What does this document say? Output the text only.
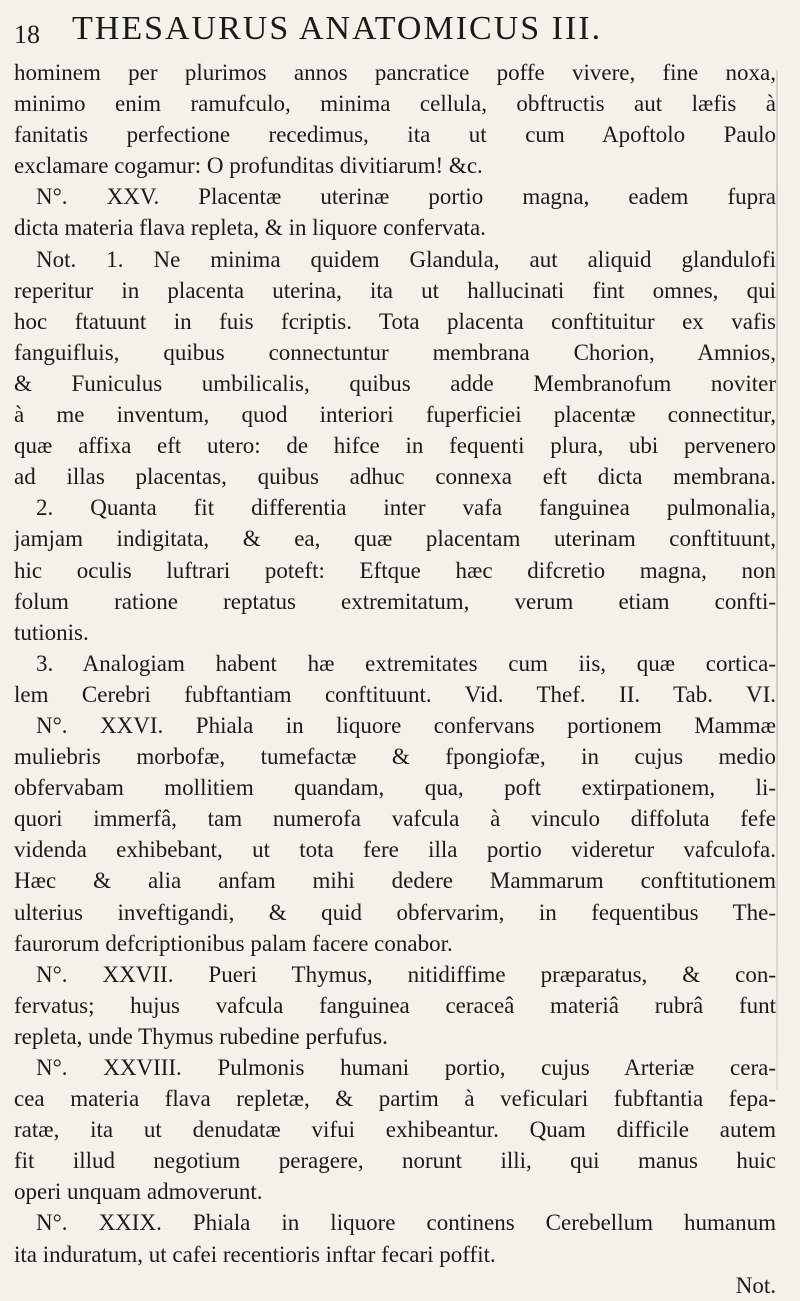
18 THESAURUS ANATOMICUS III.
hominem per plurimos annos pancratice poffe vivere, fine noxa,
minimo enim ramufculo, minima cellula, obftructis aut læfis à
fanitatis perfectione recedimus, ita ut cum Apoftolo Paulo
exclamare cogamur: O profunditas divitiarum! &c.
N°. XXV. Placentæ uterinæ portio magna, eadem fupra
dicta materia flava repleta, & in liquore confervata.
Not. 1. Ne minima quidem Glandula, aut aliquid glandulofi
reperitur in placenta uterina, ita ut hallucinati fint omnes, qui
hoc ftatuunt in fuis fcriptis. Tota placenta conftituitur ex vafis
fanguifluis, quibus connectuntur membrana Chorion, Amnios,
& Funiculus umbilicalis, quibus adde Membranofum noviter
à me inventum, quod interiori fuperficiei placentæ connectitur,
quæ affixa eft utero: de hifce in fequenti plura, ubi pervenero
ad illas placentas, quibus adhuc connexa eft dicta membrana.
2. Quanta fit differentia inter vafa fanguinea pulmonalia,
jamjam indigitata, & ea, quæ placentam uterinam conftituunt,
hic oculis luftrari poteft: Eftque hæc difcretio magna, non
folum ratione reptatus extremitatum, verum etiam confti-
tutionis.
3. Analogiam habent hæ extremitates cum iis, quæ cortica-
lem Cerebri fubftantiam conftituunt. Vid. Thef. II. Tab. VI.
N°. XXVI. Phiala in liquore confervans portionem Mammæ
muliebris morbofæ, tumefactæ & fpongiofæ, in cujus medio
obfervabam mollitiem quandam, qua, poft extirpationem, li-
quori immerfâ, tam numerofa vafcula à vinculo diffoluta fefe
videnda exhibebant, ut tota fere illa portio videretur vafculofa.
Hæc & alia anfam mihi dedere Mammarum conftitutionem
ulterius inveftigandi, & quid obfervarim, in fequentibus The-
faurorum defcriptionibus palam facere conabor.
N°. XXVII. Pueri Thymus, nitidiffime præparatus, & con-
fervatus; hujus vafcula fanguinea ceraceâ materiâ rubrâ funt
repleta, unde Thymus rubedine perfufus.
N°. XXVIII. Pulmonis humani portio, cujus Arteriæ cera-
cea materia flava repletæ, & partim à veficulari fubftantia fepa-
ratæ, ita ut denudatæ vifui exhibeantur. Quam difficile autem
fit illud negotium peragere, norunt illi, qui manus huic
operi unquam admoverunt.
N°. XXIX. Phiala in liquore continens Cerebellum humanum
ita induratum, ut cafei recentioris inftar fecari poffit.
Not.
